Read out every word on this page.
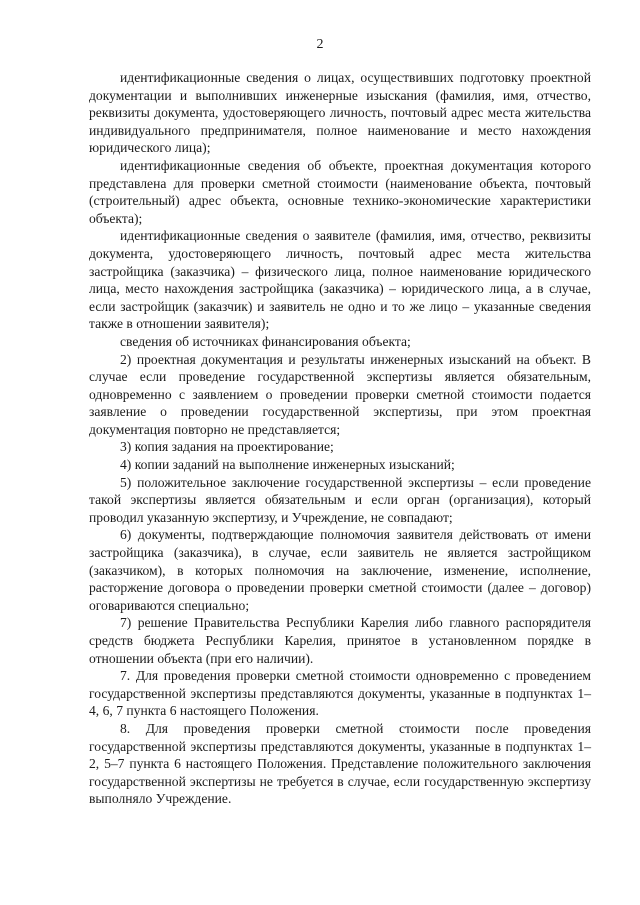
2

идентификационные сведения о лицах, осуществивших подготовку проектной документации и выполнивших инженерные изыскания (фамилия, имя, отчество, реквизиты документа, удостоверяющего личность, почтовый адрес места жительства индивидуального предпринимателя, полное наименование и место нахождения юридического лица);

идентификационные сведения об объекте, проектная документация которого представлена для проверки сметной стоимости (наименование объекта, почтовый (строительный) адрес объекта, основные технико-экономические характеристики объекта);

идентификационные сведения о заявителе (фамилия, имя, отчество, реквизиты документа, удостоверяющего личность, почтовый адрес места жительства застройщика (заказчика) – физического лица, полное наименование юридического лица, место нахождения застройщика (заказчика) – юридического лица, а в случае, если застройщик (заказчик) и заявитель не одно и то же лицо – указанные сведения также в отношении заявителя);

сведения об источниках финансирования объекта;

2) проектная документация и результаты инженерных изысканий на объект. В случае если проведение государственной экспертизы является обязательным, одновременно с заявлением о проведении проверки сметной стоимости подается заявление о проведении государственной экспертизы, при этом проектная документация повторно не представляется;

3) копия задания на проектирование;

4) копии заданий на выполнение инженерных изысканий;

5) положительное заключение государственной экспертизы – если проведение такой экспертизы является обязательным и если орган (организация), который проводил указанную экспертизу, и Учреждение, не совпадают;

6) документы, подтверждающие полномочия заявителя действовать от имени застройщика (заказчика), в случае, если заявитель не является застройщиком (заказчиком), в которых полномочия на заключение, изменение, исполнение, расторжение договора о проведении проверки сметной стоимости (далее – договор) оговариваются специально;

7) решение Правительства Республики Карелия либо главного распорядителя средств бюджета Республики Карелия, принятое в установленном порядке в отношении объекта (при его наличии).

7. Для проведения проверки сметной стоимости одновременно с проведением государственной экспертизы представляются документы, указанные в подпунктах 1–4, 6, 7 пункта 6 настоящего Положения.

8. Для проведения проверки сметной стоимости после проведения государственной экспертизы представляются документы, указанные в подпунктах 1–2, 5–7 пункта 6 настоящего Положения. Представление положительного заключения государственной экспертизы не требуется в случае, если государственную экспертизу выполняло Учреждение.
